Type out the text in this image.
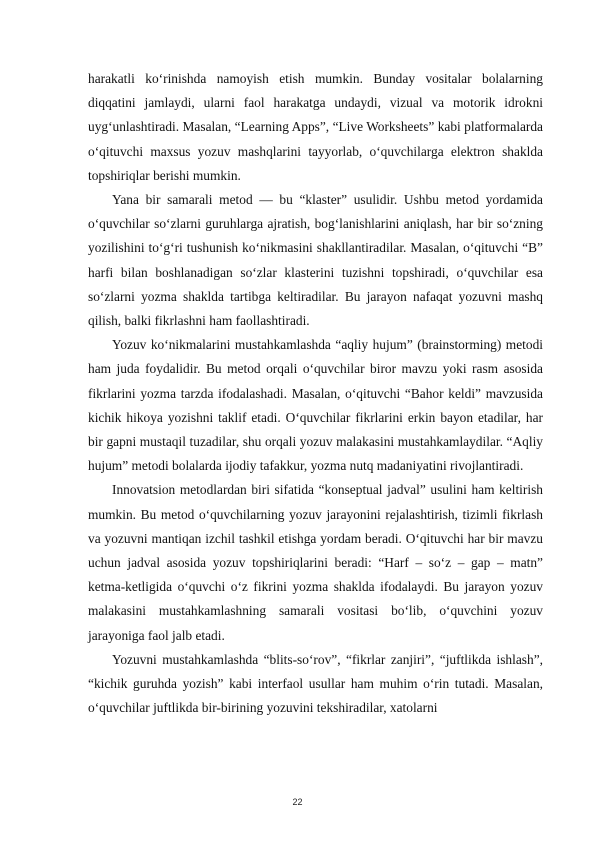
harakatli ko‘rinishda namoyish etish mumkin. Bunday vositalar bolalarning diqqatini jamlaydi, ularni faol harakatga undaydi, vizual va motorik idrokni uyg‘unlashtiradi. Masalan, “Learning Apps”, “Live Worksheets” kabi platformalarda o‘qituvchi maxsus yozuv mashqlarini tayyorlab, o‘quvchilarga elektron shaklda topshiriqlar berishi mumkin.

Yana bir samarali metod — bu “klaster” usulidir. Ushbu metod yordamida o‘quvchilar so‘zlarni guruhlarga ajratish, bog‘lanishlarini aniqlash, har bir so‘zning yozilishini to‘g‘ri tushunish ko‘nikmasini shakllantiradilar. Masalan, o‘qituvchi “B” harfi bilan boshlanadigan so‘zlar klasterini tuzishni topshiradi, o‘quvchilar esa so‘zlarni yozma shaklda tartibga keltiradilar. Bu jarayon nafaqat yozuvni mashq qilish, balki fikrlashni ham faollashtiradi.

Yozuv ko‘nikmalarini mustahkamlashda “aqliy hujum” (brainstorming) metodi ham juda foydalidir. Bu metod orqali o‘quvchilar biror mavzu yoki rasm asosida fikrlarini yozma tarzda ifodalashadi. Masalan, o‘qituvchi “Bahor keldi” mavzusida kichik hikoya yozishni taklif etadi. O‘quvchilar fikrlarini erkin bayon etadilar, har bir gapni mustaqil tuzadilar, shu orqali yozuv malakasini mustahkamlaydilar. “Aqliy hujum” metodi bolalarda ijodiy tafakkur, yozma nutq madaniyatini rivojlantiradi.

Innovatsion metodlardan biri sifatida “konseptual jadval” usulini ham keltirish mumkin. Bu metod o‘quvchilarning yozuv jarayonini rejalashtirish, tizimli fikrlash va yozuvni mantiqan izchil tashkil etishga yordam beradi. O‘qituvchi har bir mavzu uchun jadval asosida yozuv topshiriqlarini beradi: “Harf – so‘z – gap – matn” ketma-ketligida o‘quvchi o‘z fikrini yozma shaklda ifodalaydi. Bu jarayon yozuv malakasini mustahkamlashning samarali vositasi bo‘lib, o‘quvchini yozuv jarayoniga faol jalb etadi.

Yozuvni mustahkamlashda “blits-so‘rov”, “fikrlar zanjiri”, “juftlikda ishlash”, “kichik guruhda yozish” kabi interfaol usullar ham muhim o‘rin tutadi. Masalan, o‘quvchilar juftlikda bir-birining yozuvini tekshiradilar, xatolarni

22
